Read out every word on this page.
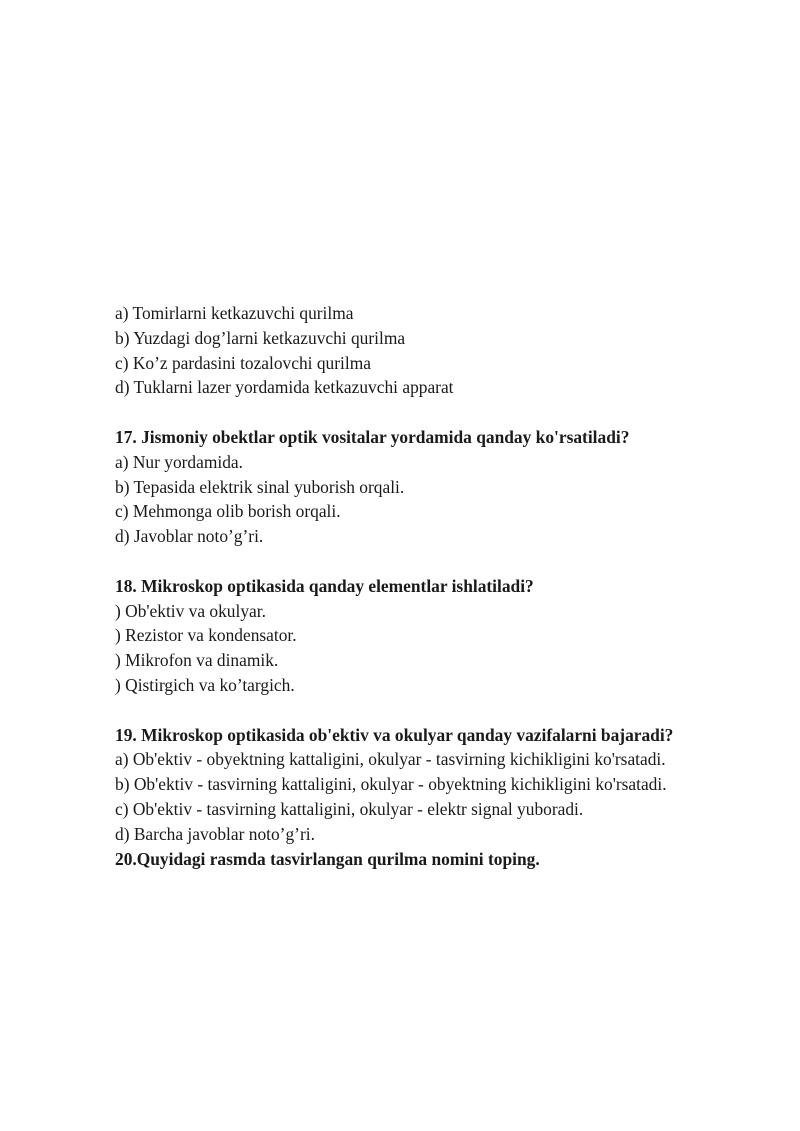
a) Tomirlarni ketkazuvchi qurilma
b) Yuzdagi dog’larni ketkazuvchi qurilma
c) Ko’z pardasini tozalovchi qurilma
d) Tuklarni lazer yordamida ketkazuvchi apparat
17. Jismoniy obektlar optik vositalar yordamida qanday ko'rsatiladi?
a) Nur yordamida.
b) Tepasida elektrik sinal yuborish orqali.
c) Mehmonga olib borish orqali.
d) Javoblar noto’g’ri.
18. Mikroskop optikasida qanday elementlar ishlatiladi?
) Ob'ektiv va okulyar.
) Rezistor va kondensator.
) Mikrofon va dinamik.
) Qistirgich va ko’targich.
19. Mikroskop optikasida ob'ektiv va okulyar qanday vazifalarni bajaradi?
a) Ob'ektiv - obyektning kattaligini, okulyar - tasvirning kichikligini ko'rsatadi.
b) Ob'ektiv - tasvirning kattaligini, okulyar - obyektning kichikligini ko'rsatadi.
c) Ob'ektiv - tasvirning kattaligini, okulyar - elektr signal yuboradi.
d) Barcha javoblar noto’g’ri.
20.Quyidagi rasmda tasvirlangan qurilma nomini toping.
